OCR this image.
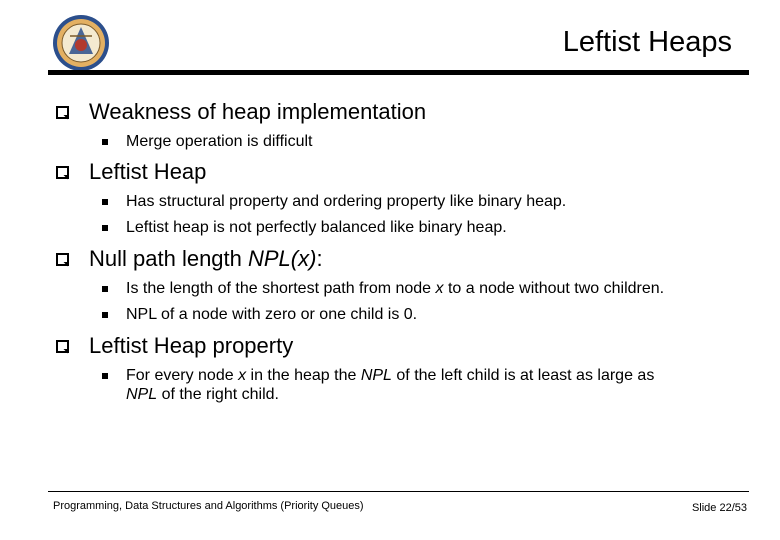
Leftist Heaps
Weakness of heap implementation
Merge operation is difficult
Leftist Heap
Has structural property and ordering property like binary heap.
Leftist heap is not perfectly balanced like binary heap.
Null path length NPL(x):
Is the length of the shortest path from node x to a node without two children.
NPL of a node with zero or one child is 0.
Leftist Heap property
For every node x in the heap the NPL of the left child is at least as large as
NPL of the right child.
Programming, Data Structures and Algorithms (Priority Queues)	Slide 22/53
